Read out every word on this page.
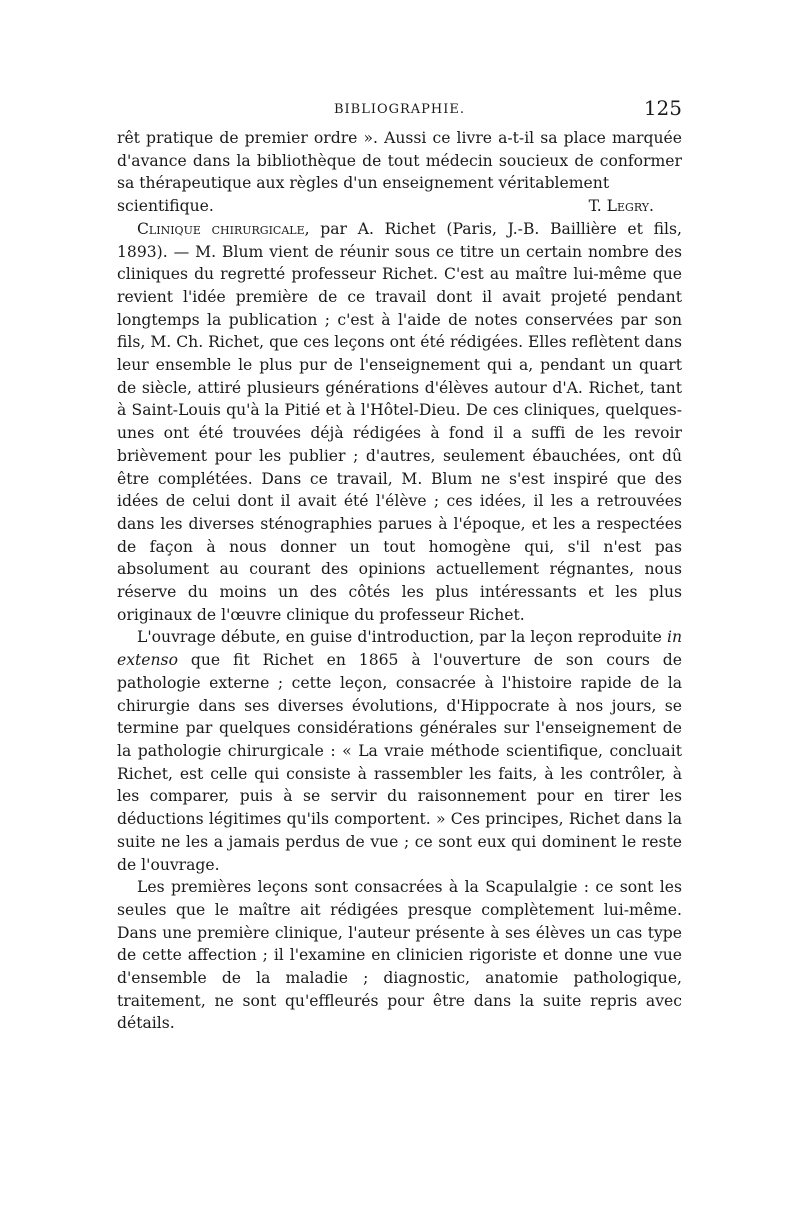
BIBLIOGRAPHIE.	125

rêt pratique de premier ordre ». Aussi ce livre a-t-il sa place marquée d'avance dans la bibliothèque de tout médecin soucieux de conformer sa thérapeutique aux règles d'un enseignement véritablement

scientifique.	T. Legry.

Clinique chirurgicale, par A. Richet (Paris, J.-B. Baillière et fils, 1893). — M. Blum vient de réunir sous ce titre un certain nombre des cliniques du regretté professeur Richet. C'est au maître lui-même que revient l'idée première de ce travail dont il avait projeté pendant longtemps la publication ; c'est à l'aide de notes conservées par son fils, M. Ch. Richet, que ces leçons ont été rédigées. Elles reflètent dans leur ensemble le plus pur de l'enseignement qui a, pendant un quart de siècle, attiré plusieurs générations d'élèves autour d'A. Richet, tant à Saint-Louis qu'à la Pitié et à l'Hôtel-Dieu. De ces cliniques, quelques-unes ont été trouvées déjà rédigées à fond il a suffi de les revoir brièvement pour les publier ; d'autres, seulement ébauchées, ont dû être complétées. Dans ce travail, M. Blum ne s'est inspiré que des idées de celui dont il avait été l'élève ; ces idées, il les a retrouvées dans les diverses sténographies parues à l'époque, et les a respectées de façon à nous donner un tout homogène qui, s'il n'est pas absolument au courant des opinions actuellement régnantes, nous réserve du moins un des côtés les plus intéressants et les plus originaux de l'œuvre clinique du professeur Richet.

L'ouvrage débute, en guise d'introduction, par la leçon reproduite in extenso que fit Richet en 1865 à l'ouverture de son cours de pathologie externe ; cette leçon, consacrée à l'histoire rapide de la chirurgie dans ses diverses évolutions, d'Hippocrate à nos jours, se termine par quelques considérations générales sur l'enseignement de la pathologie chirurgicale : « La vraie méthode scientifique, concluait Richet, est celle qui consiste à rassembler les faits, à les contrôler, à les comparer, puis à se servir du raisonnement pour en tirer les déductions légitimes qu'ils comportent. » Ces principes, Richet dans la suite ne les a jamais perdus de vue ; ce sont eux qui dominent le reste de l'ouvrage.

Les premières leçons sont consacrées à la Scapulalgie : ce sont les seules que le maître ait rédigées presque complètement lui-même. Dans une première clinique, l'auteur présente à ses élèves un cas type de cette affection ; il l'examine en clinicien rigoriste et donne une vue d'ensemble de la maladie ; diagnostic, anatomie pathologique, traitement, ne sont qu'effleurés pour être dans la suite repris avec détails.
